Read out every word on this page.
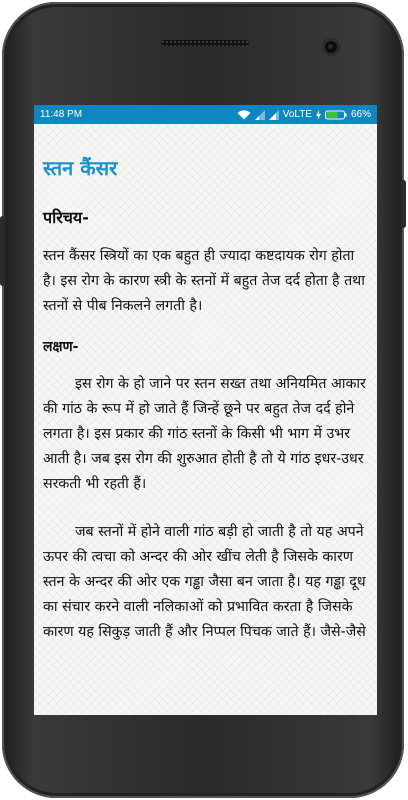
11:48 PM	VoLTE	66%
स्तन कैंसर
परिचय-

स्तन कैंसर स्त्रियों का एक बहुत ही ज्यादा कष्टदायक रोग होता है। इस रोग के कारण स्त्री के स्तनों में बहुत तेज दर्द होता है तथा स्तनों से पीब निकलने लगती है।

लक्षण-

इस रोग के हो जाने पर स्तन सख्त तथा अनियमित आकार की गांठ के रूप में हो जाते हैं जिन्हें छूने पर बहुत तेज दर्द होने लगता है। इस प्रकार की गांठ स्तनों के किसी भी भाग में उभर आती है। जब इस रोग की शुरुआत होती है तो ये गांठ इधर-उधर सरकती भी रहती हैं।

जब स्तनों में होने वाली गांठ बड़ी हो जाती है तो यह अपने ऊपर की त्वचा को अन्दर की ओर खींच लेती है जिसके कारण स्तन के अन्दर की ओर एक गड्ढा जैसा बन जाता है। यह गड्ढा दूध का संचार करने वाली नलिकाओं को प्रभावित करता है जिसके कारण यह सिकुड़ जाती हैं और निप्पल पिचक जाते हैं। जैसे-जैसे
